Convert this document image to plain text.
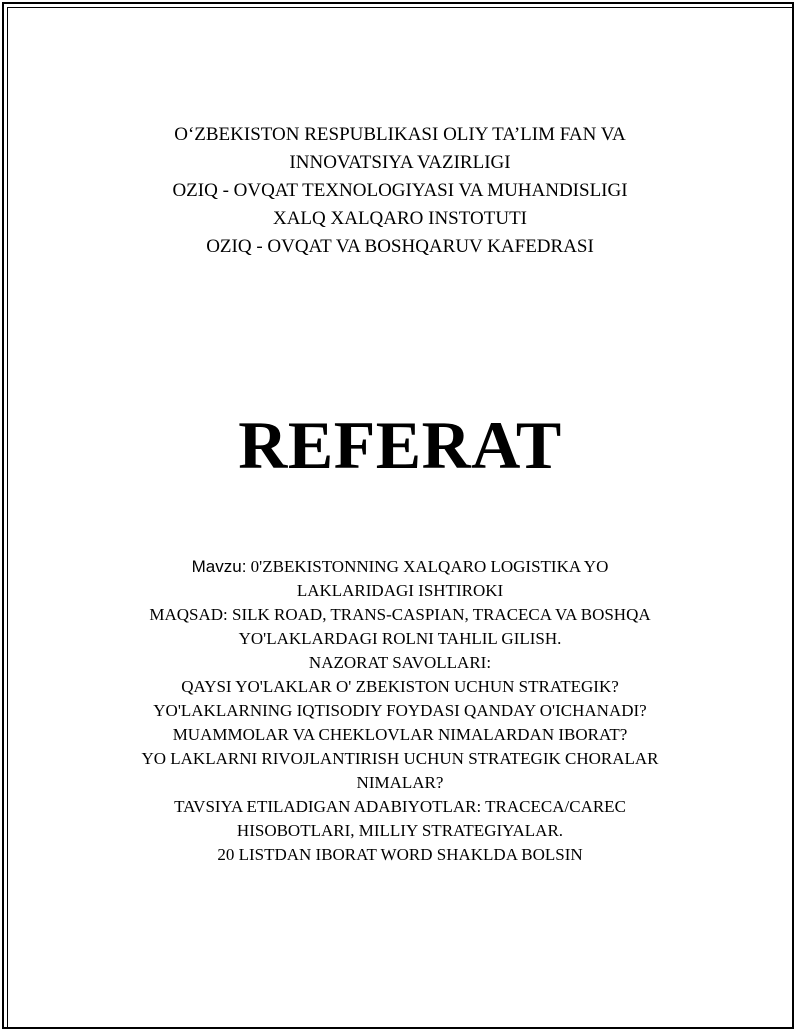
O‘ZBEKISTON RESPUBLIKASI OLIY TA’LIM FAN VA
INNOVATSIYA VAZIRLIGI
OZIQ - OVQAT TEXNOLOGIYASI VA MUHANDISLIGI
XALQ XALQARO INSTOTUTI
OZIQ - OVQAT VA BOSHQARUV KAFEDRASI
REFERAT
Mavzu: 0'ZBEKISTONNING XALQARO LOGISTIKA YO
LAKLARIDAGI ISHTIROKI
MAQSAD: SILK ROAD, TRANS-CASPIAN, TRACECA VA BOSHQA
YO'LAKLARDAGI ROLNI TAHLIL GILISH.
NAZORAT SAVOLLARI:
QAYSI YO'LAKLAR O' ZBEKISTON UCHUN STRATEGIK?
YO'LAKLARNING IQTISODIY FOYDASI QANDAY O'ICHANADI?
MUAMMOLAR VA CHEKLOVLAR NIMALARDAN IBORAT?
YO LAKLARNI RIVOJLANTIRISH UCHUN STRATEGIK CHORALAR
NIMALAR?
TAVSIYA ETILADIGAN ADABIYOTLAR: TRACECA/CAREC
HISOBOTLARI, MILLIY STRATEGIYALAR.
20 LISTDAN IBORAT WORD SHAKLDA BOLSIN
